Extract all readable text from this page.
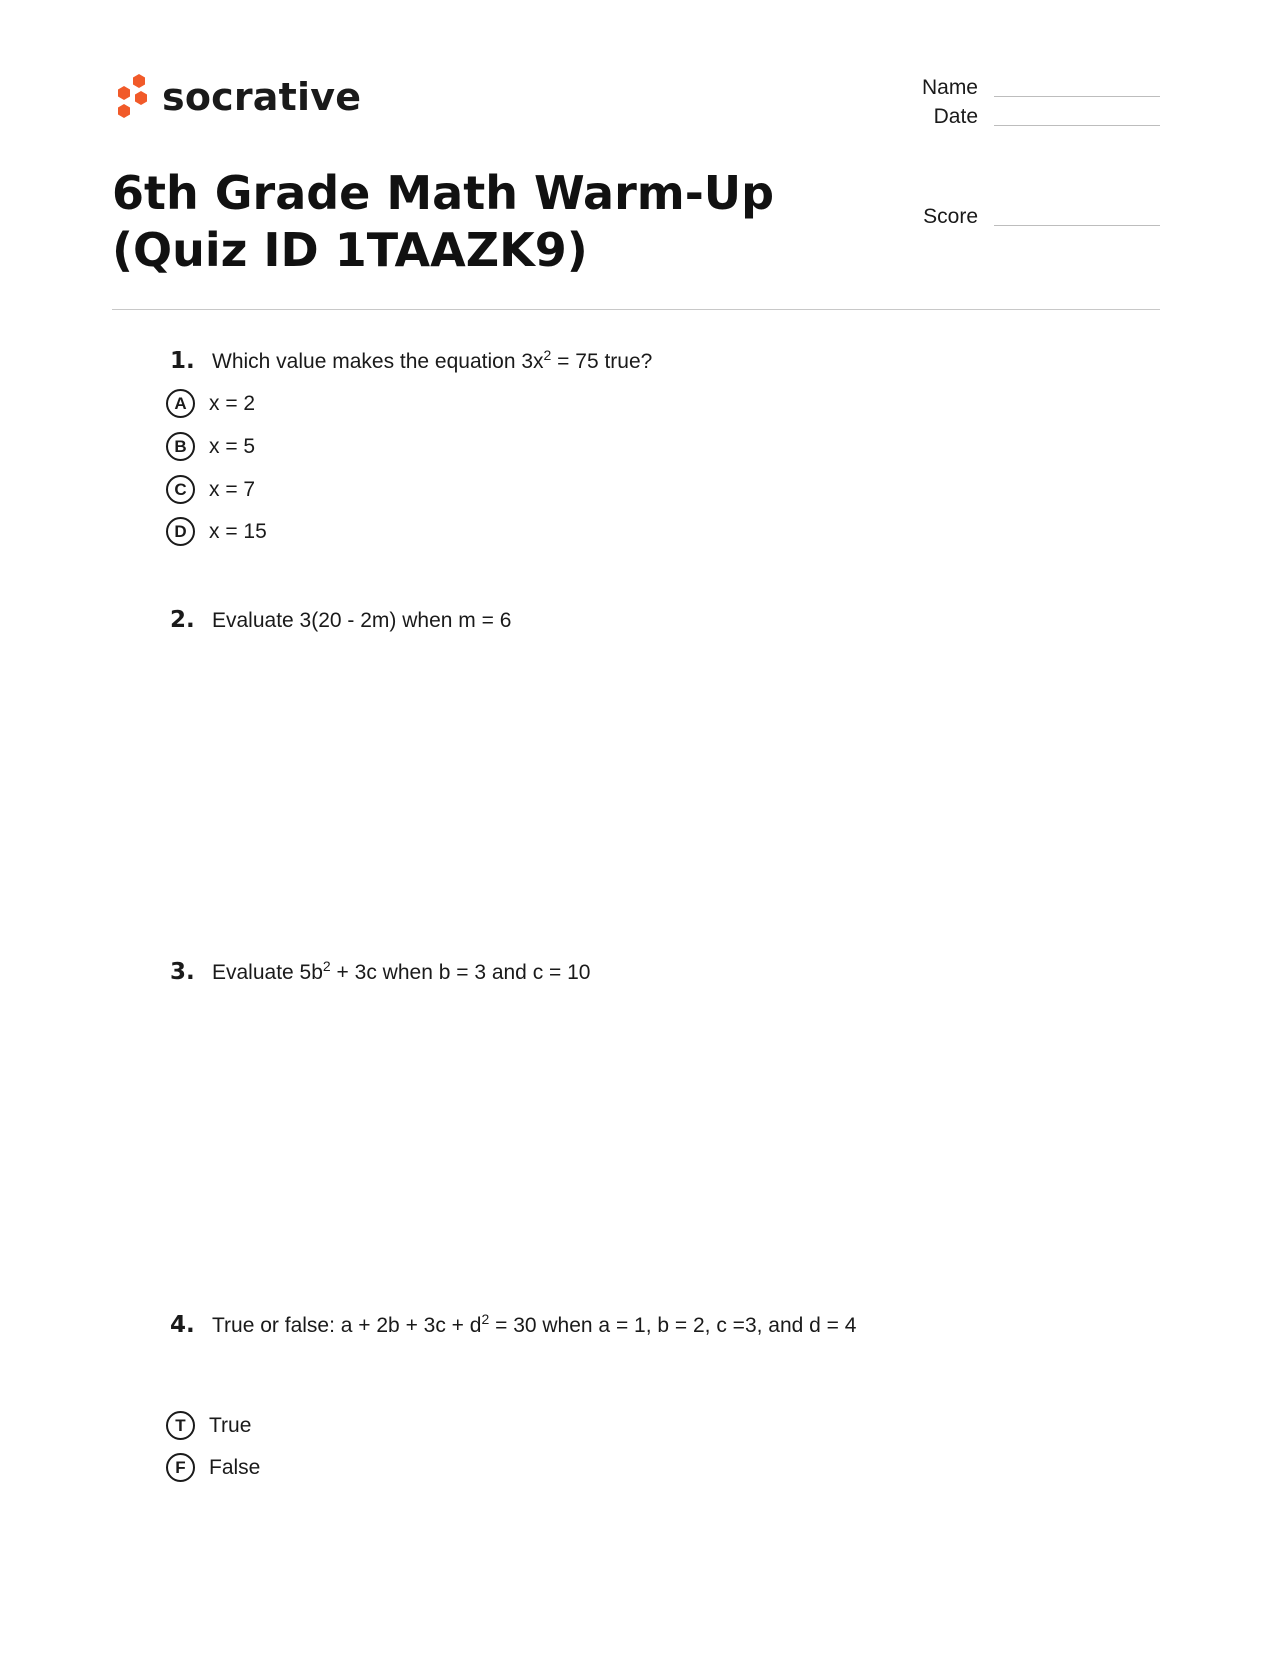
socrative	Name
Date
Score
6th Grade Math Warm-Up (Quiz ID 1TAAZK9)
1. Which value makes the equation $3x^2 = 75$ true?
A	x = 2
B	x = 5
C	x = 7
D	x = 15
2. Evaluate 3(20 - 2m) when m = 6
3. Evaluate $5b^2 + 3c$ when b = 3 and c = 10
4. True or false: $a + 2b + 3c + d^2 = 30$ when a = 1, b = 2, c =3, and d = 4
T	True
F	False
